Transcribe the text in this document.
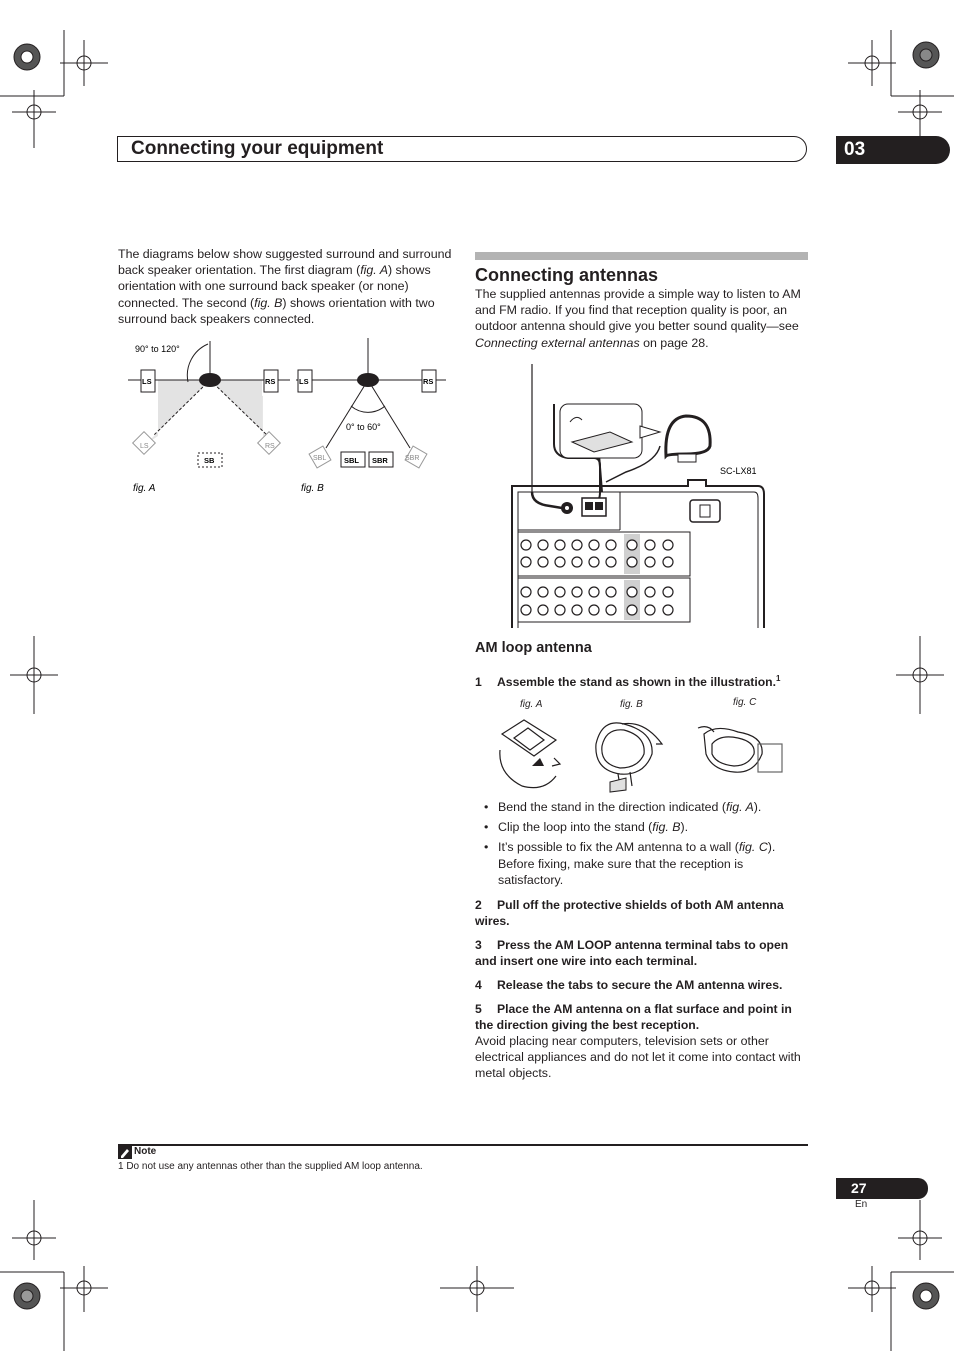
Connecting your equipment	03
The diagrams below show suggested surround and surround back speaker orientation. The first diagram (fig. A) shows orientation with one surround back speaker (or none) connected. The second (fig. B) shows orientation with two surround back speakers connected.
LS	RS
LS	RS
SB
90° to 120°
fig. A
LS	RS
0° to 60°
SBL	SBR
SBL SBR
fig. B
Connecting antennas
The supplied antennas provide a simple way to listen to AM and FM radio. If you find that reception quality is poor, an outdoor antenna should give you better sound quality—see Connecting external antennas on page 28.
SC-LX81
AM loop antenna
1 Assemble the stand as shown in the illustration.$^1$
fig. A	fig. B	fig. C
• Bend the stand in the direction indicated (fig. A).
• Clip the loop into the stand (fig. B).
• It’s possible to fix the AM antenna to a wall (fig. C). Before fixing, make sure that the reception is satisfactory.
2 Pull off the protective shields of both AM antenna wires.
3 Press the AM LOOP antenna terminal tabs to open and insert one wire into each terminal.
4 Release the tabs to secure the AM antenna wires.
5 Place the AM antenna on a flat surface and point in the direction giving the best reception.
Avoid placing near computers, television sets or other electrical appliances and do not let it come into contact with metal objects.
Note
1 Do not use any antennas other than the supplied AM loop antenna.
27
En
